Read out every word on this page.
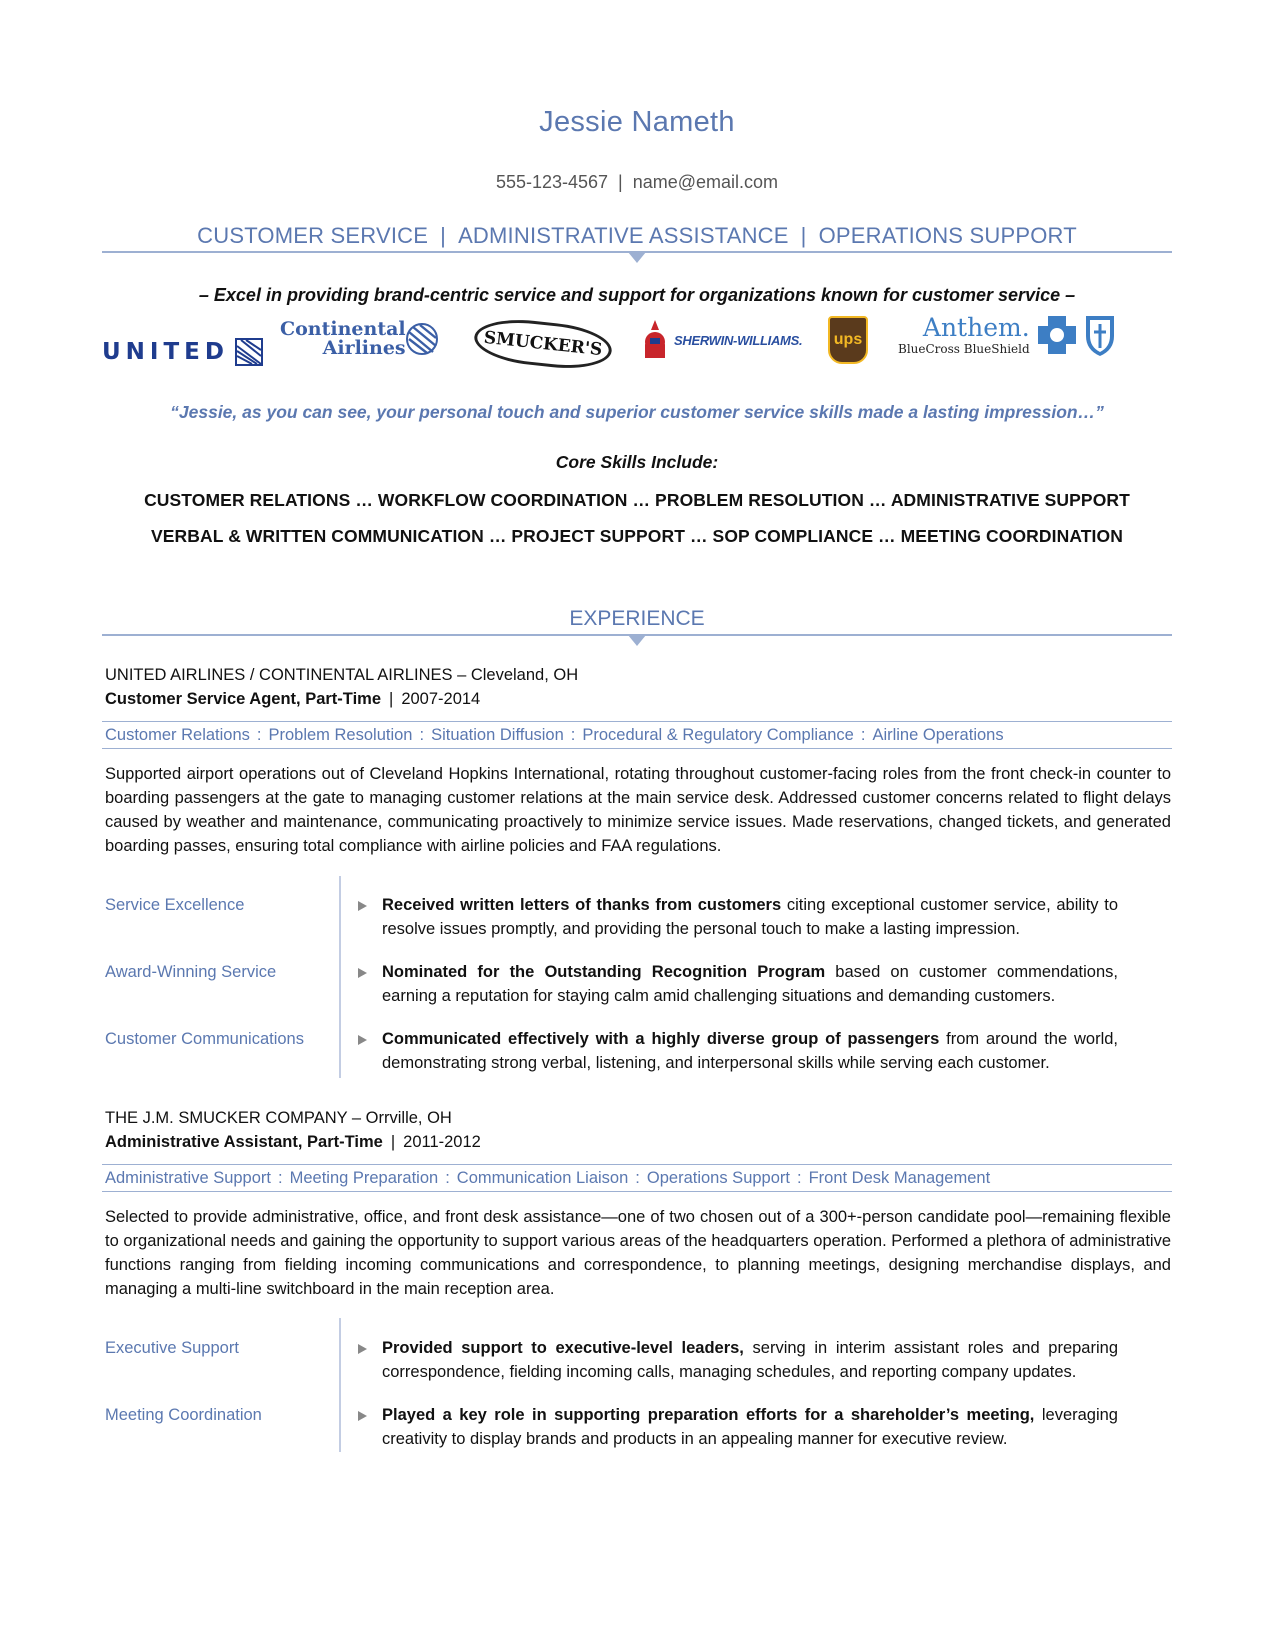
Jessie Nameth
555-123-4567 | name@email.com
CUSTOMER SERVICE | ADMINISTRATIVE ASSISTANCE | OPERATIONS SUPPORT
– Excel in providing brand-centric service and support for organizations known for customer service –
UNITED
Continental
Airlines	SMUCKER'S	SHERWIN-WILLIAMS. ups Anthem.
BlueCross BlueShield
“Jessie, as you can see, your personal touch and superior customer service skills made a lasting impression…”
Core Skills Include:
CUSTOMER RELATIONS … WORKFLOW COORDINATION … PROBLEM RESOLUTION … ADMINISTRATIVE SUPPORT
VERBAL & WRITTEN COMMUNICATION … PROJECT SUPPORT … SOP COMPLIANCE … MEETING COORDINATION
EXPERIENCE
UNITED AIRLINES / CONTINENTAL AIRLINES – Cleveland, OH
Customer Service Agent, Part-Time | 2007-2014
Customer Relations : Problem Resolution : Situation Diffusion : Procedural & Regulatory Compliance : Airline Operations
Supported airport operations out of Cleveland Hopkins International, rotating throughout customer-facing roles from the front check-in counter to boarding passengers at the gate to managing customer relations at the main service desk. Addressed customer concerns related to flight delays caused by weather and maintenance, communicating proactively to minimize service issues. Made reservations, changed tickets, and generated boarding passes, ensuring total compliance with airline policies and FAA regulations.
Service Excellence	Received written letters of thanks from customers citing exceptional customer service, ability to resolve issues promptly, and providing the personal touch to make a lasting impression.
Award-Winning Service	Nominated for the Outstanding Recognition Program based on customer commendations, earning a reputation for staying calm amid challenging situations and demanding customers.
Customer Communications	Communicated effectively with a highly diverse group of passengers from around the world, demonstrating strong verbal, listening, and interpersonal skills while serving each customer.
THE J.M. SMUCKER COMPANY – Orrville, OH
Administrative Assistant, Part-Time | 2011-2012
Administrative Support : Meeting Preparation : Communication Liaison : Operations Support : Front Desk Management
Selected to provide administrative, office, and front desk assistance—one of two chosen out of a 300+-person candidate pool—remaining flexible to organizational needs and gaining the opportunity to support various areas of the headquarters operation. Performed a plethora of administrative functions ranging from fielding incoming communications and correspondence, to planning meetings, designing merchandise displays, and managing a multi-line switchboard in the main reception area.
Executive Support	Provided support to executive-level leaders, serving in interim assistant roles and preparing correspondence, fielding incoming calls, managing schedules, and reporting company updates.
Meeting Coordination	Played a key role in supporting preparation efforts for a shareholder’s meeting, leveraging creativity to display brands and products in an appealing manner for executive review.
